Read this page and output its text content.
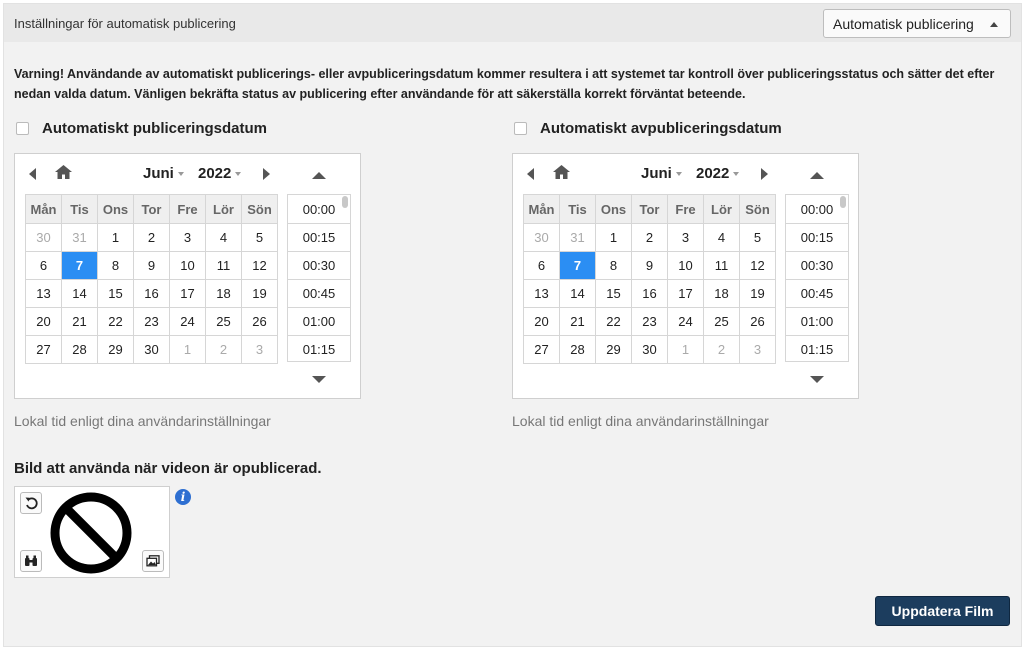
Inställningar för automatisk publicering	Automatisk publicering
Varning! Användande av automatiskt publicerings- eller avpubliceringsdatum kommer resultera i att systemet tar kontroll över publiceringsstatus och sätter det efter nedan valda datum. Vänligen bekräfta status av publicering efter användande för att säkerställa korrekt förväntat beteende.
Automatiskt publiceringsdatum
Juni	2022
Mån	Tis	Ons	Tor	Fre	Lör	Sön
30	31	1	2	3	4	5
6	7	8	9	10	11	12
13	14	15	16	17	18	19
20	21	22	23	24	25	26
27	28	29	30	1	2	3
00:00
00:15
00:30
00:45
01:00
01:15
Lokal tid enligt dina användarinställningar
Automatiskt avpubliceringsdatum
Juni	2022
Mån	Tis	Ons	Tor	Fre	Lör	Sön
30	31	1	2	3	4	5
6	7	8	9	10	11	12
13	14	15	16	17	18	19
20	21	22	23	24	25	26
27	28	29	30	1	2	3
00:00
00:15
00:30
00:45
01:00
01:15
Lokal tid enligt dina användarinställningar
Bild att använda när videon är opublicerad.
i
Uppdatera Film
